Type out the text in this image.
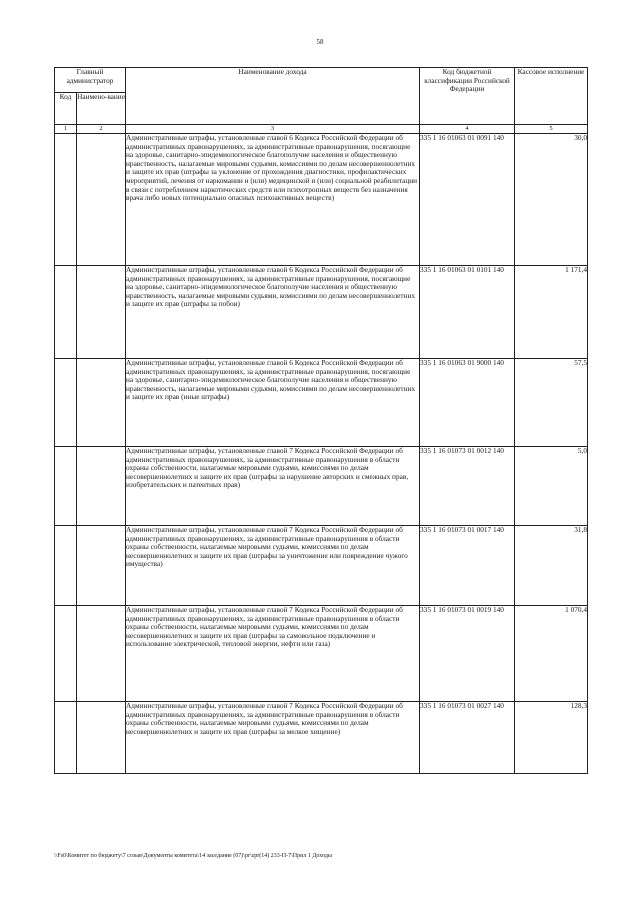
58
Главный администратор		Наименование дохода	Код бюджетной классификации Российской Федерации	Кассовое исполнение
Код	Наимено-вание			
1	2	3	4	5
		Административные штрафы, установленные главой 6 Кодекса Российской Федерации об административных правонарушениях, за административные правонарушения, посягающие на здоровье, санитарно-эпидемиологическое благополучие населения и общественную нравственность, налагаемые мировыми судьями, комиссиями по делам несовершеннолетних и защите их прав (штрафы за уклонение от прохождения диагностики, профилактических мероприятий, лечения от наркомании и (или) медицинской и (или) социальной реабилитации в связи с потреблением наркотических средств или психотропных веществ без назначения врача либо новых потенциально опасных психоактивных веществ)	335 1 16 01063 01 0091 140	30,0
		Административные штрафы, установленные главой 6 Кодекса Российской Федерации об административных правонарушениях, за административные правонарушения, посягающие на здоровье, санитарно-эпидемиологическое благополучие населения и общественную нравственность, налагаемые мировыми судьями, комиссиями по делам несовершеннолетних и защите их прав (штрафы за побои)	335 1 16 01063 01 0101 140	1 171,4
		Административные штрафы, установленные главой 6 Кодекса Российской Федерации об административных правонарушениях, за административные правонарушения, посягающие на здоровье, санитарно-эпидемиологическое благополучие населения и общественную нравственность, налагаемые мировыми судьями, комиссиями по делам несовершеннолетних и защите их прав (иные штрафы)	335 1 16 01063 01 9000 140	57,5
		Административные штрафы, установленные главой 7 Кодекса Российской Федерации об административных правонарушениях, за административные правонарушения в области охраны собственности, налагаемые мировыми судьями, комиссиями по делам несовершеннолетних и защите их прав (штрафы за нарушение авторских и смежных прав, изобретательских и патентных прав)	335 1 16 01073 01 0012 140	5,0
		Административные штрафы, установленные главой 7 Кодекса Российской Федерации об административных правонарушениях, за административные правонарушения в области охраны собственности, налагаемые мировыми судьями, комиссиями по делам несовершеннолетних и защите их прав (штрафы за уничтожение или повреждение чужого имущества)	335 1 16 01073 01 0017 140	31,8
		Административные штрафы, установленные главой 7 Кодекса Российской Федерации об административных правонарушениях, за административные правонарушения в области охраны собственности, налагаемые мировыми судьями, комиссиями по делам несовершеннолетних и защите их прав (штрафы за самовольное подключение и использование электрической, тепловой энергии, нефти или газа)	335 1 16 01073 01 0019 140	1 070,4
		Административные штрафы, установленные главой 7 Кодекса Российской Федерации об административных правонарушениях, за административные правонарушения в области охраны собственности, налагаемые мировыми судьями, комиссиями по делам несовершеннолетних и защите их прав (штрафы за мелкое хищение)	335 1 16 01073 01 0027 140	128,3
\\Fs0\Комитет по бюджету\7 созыв\Документы комитета\14 заседание (07)\pr\zpr(14) 233-П-7\Прил 1 Доходы
